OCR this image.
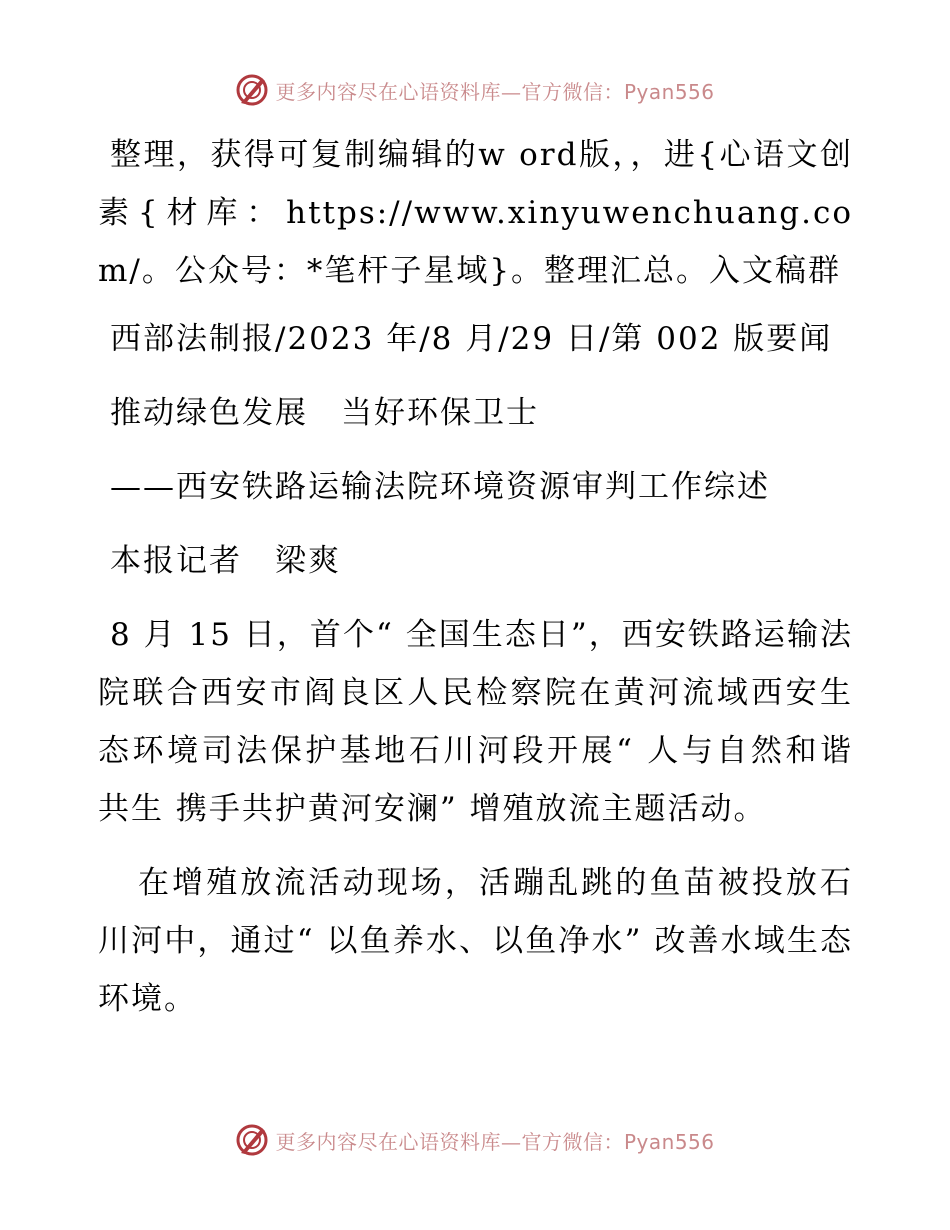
更多内容尽在心语资料库—官方微信：Pyan556

整理，获得可复制编辑的w ord版，，进{心语文创素{材库：https://www.xinyuwenchuang.com/。公众号：*笔杆子星域}。整理汇总。入文稿群

西部法制报/2023 年/8 月/29 日/第 002 版要闻

推动绿色发展　当好环保卫士

——西安铁路运输法院环境资源审判工作综述

本报记者　梁爽

8 月 15 日，首个“ 全国生态日”，西安铁路运输法院联合西安市阎良区人民检察院在黄河流域西安生态环境司法保护基地石川河段开展“ 人与自然和谐共生 携手共护黄河安澜” 增殖放流主题活动。

在增殖放流活动现场，活蹦乱跳的鱼苗被投放石川河中，通过“ 以鱼养水、以鱼净水” 改善水域生态环境。

更多内容尽在心语资料库—官方微信：Pyan556
